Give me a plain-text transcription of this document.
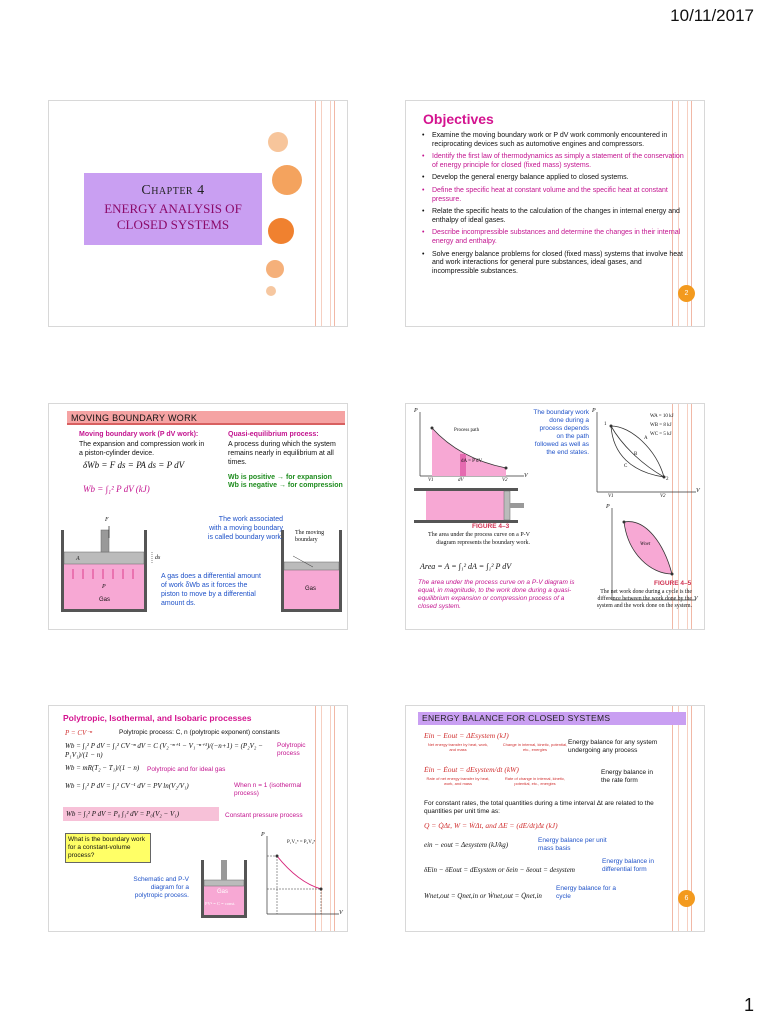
10/11/2017
1
Chapter 4
ENERGY ANALYSIS OF
CLOSED SYSTEMS
Objectives
• Examine the moving boundary work or P dV work commonly encountered in reciprocating devices such as automotive engines and compressors.
• Identify the first law of thermodynamics as simply a statement of the conservation of energy principle for closed (fixed mass) systems.
• Develop the general energy balance applied to closed systems.
• Define the specific heat at constant volume and the specific heat at constant pressure.
• Relate the specific heats to the calculation of the changes in internal energy and enthalpy of ideal gases.
• Describe incompressible substances and determine the changes in their internal energy and enthalpy.
• Solve energy balance problems for closed (fixed mass) systems that involve heat and work interactions for general pure substances, ideal gases, and incompressible substances.
2
MOVING BOUNDARY WORK
Moving boundary work (P dV work):
The expansion and compression work in a piston-cylinder device.
Quasi-equilibrium process:
A process during which the system remains nearly in equilibrium at all times.
δWb = F ds = PA ds = P dV
Wb = ∫₁² P dV (kJ)
Wb is positive → for expansion
Wb is negative → for compression
F
A
P
Gas
ds
The moving boundary
Gas
The work associated with a moving boundary is called boundary work.
A gas does a differential amount of work δWb as it forces the piston to move by a differential amount ds.
Process path
dA = P dV
P
V
V1	V2
dV
FIGURE 4–3
The area under the process curve on a P-V diagram represents the boundary work.
Area = A = ∫₁² dA = ∫₁² P dV
The area under the process curve on a P-V diagram is equal, in magnitude, to the work done during a quasi-equilibrium expansion or compression process of a closed system.
The boundary work done during a process depends on the path followed as well as the end states.
WA = 10 kJ
WB = 8 kJ
WC = 5 kJ
1
2
A
B
C
P
V
V1	V2
Wnet
P
V
FIGURE 4–5
The net work done during a cycle is the difference between the work done by the system and the work done on the system.
Polytropic, Isothermal, and Isobaric processes
P = CV⁻ⁿ	Polytropic process: C, n (polytropic exponent) constants
Wb = ∫₁² P dV = ∫₁² CV⁻ⁿ dV = C (V₂⁻ⁿ⁺¹ − V₁⁻ⁿ⁺¹)/(−n+1) = (P₂V₂ − P₁V₁)/(1 − n)
Polytropic process
Wb = mR(T₂ − T₁)/(1 − n) Polytropic and for ideal gas
Wb = ∫₁² P dV = ∫₁² CV⁻¹ dV = PV ln(V₂/V₁)	When n = 1 (isothermal process)
Wb = ∫₁² P dV = P₀ ∫₁² dV = P₀(V₂ − V₁)	Constant pressure process
What is the boundary work for a constant-volume process?
Schematic and P-V diagram for a polytropic process.	Gas
PVⁿ = C = const.
P₁V₁ⁿ = P₂V₂ⁿ
P
V
ENERGY BALANCE FOR CLOSED SYSTEMS
Ein − Eout = ΔEsystem (kJ)
Net energy transfer by heat, work, and mass
Change in internal, kinetic, potential, etc., energies
Energy balance for any system undergoing any process
Ėin − Ėout = dEsystem/dt (kW)
Rate of net energy transfer by heat, work, and mass
Rate of change in internal, kinetic, potential, etc., energies
Energy balance in the rate form
For constant rates, the total quantities during a time interval Δt are related to the quantities per unit time as:
Q = Q̇Δt, W = ẆΔt, and ΔE = (dE/dt)Δt (kJ)
ein − eout = Δesystem (kJ/kg)
Energy balance per unit mass basis
δEin − δEout = dEsystem or δein − δeout = desystem
Energy balance in differential form
Wnet,out = Qnet,in or Ẇnet,out = Q̇net,in
Energy balance for a cycle	6
